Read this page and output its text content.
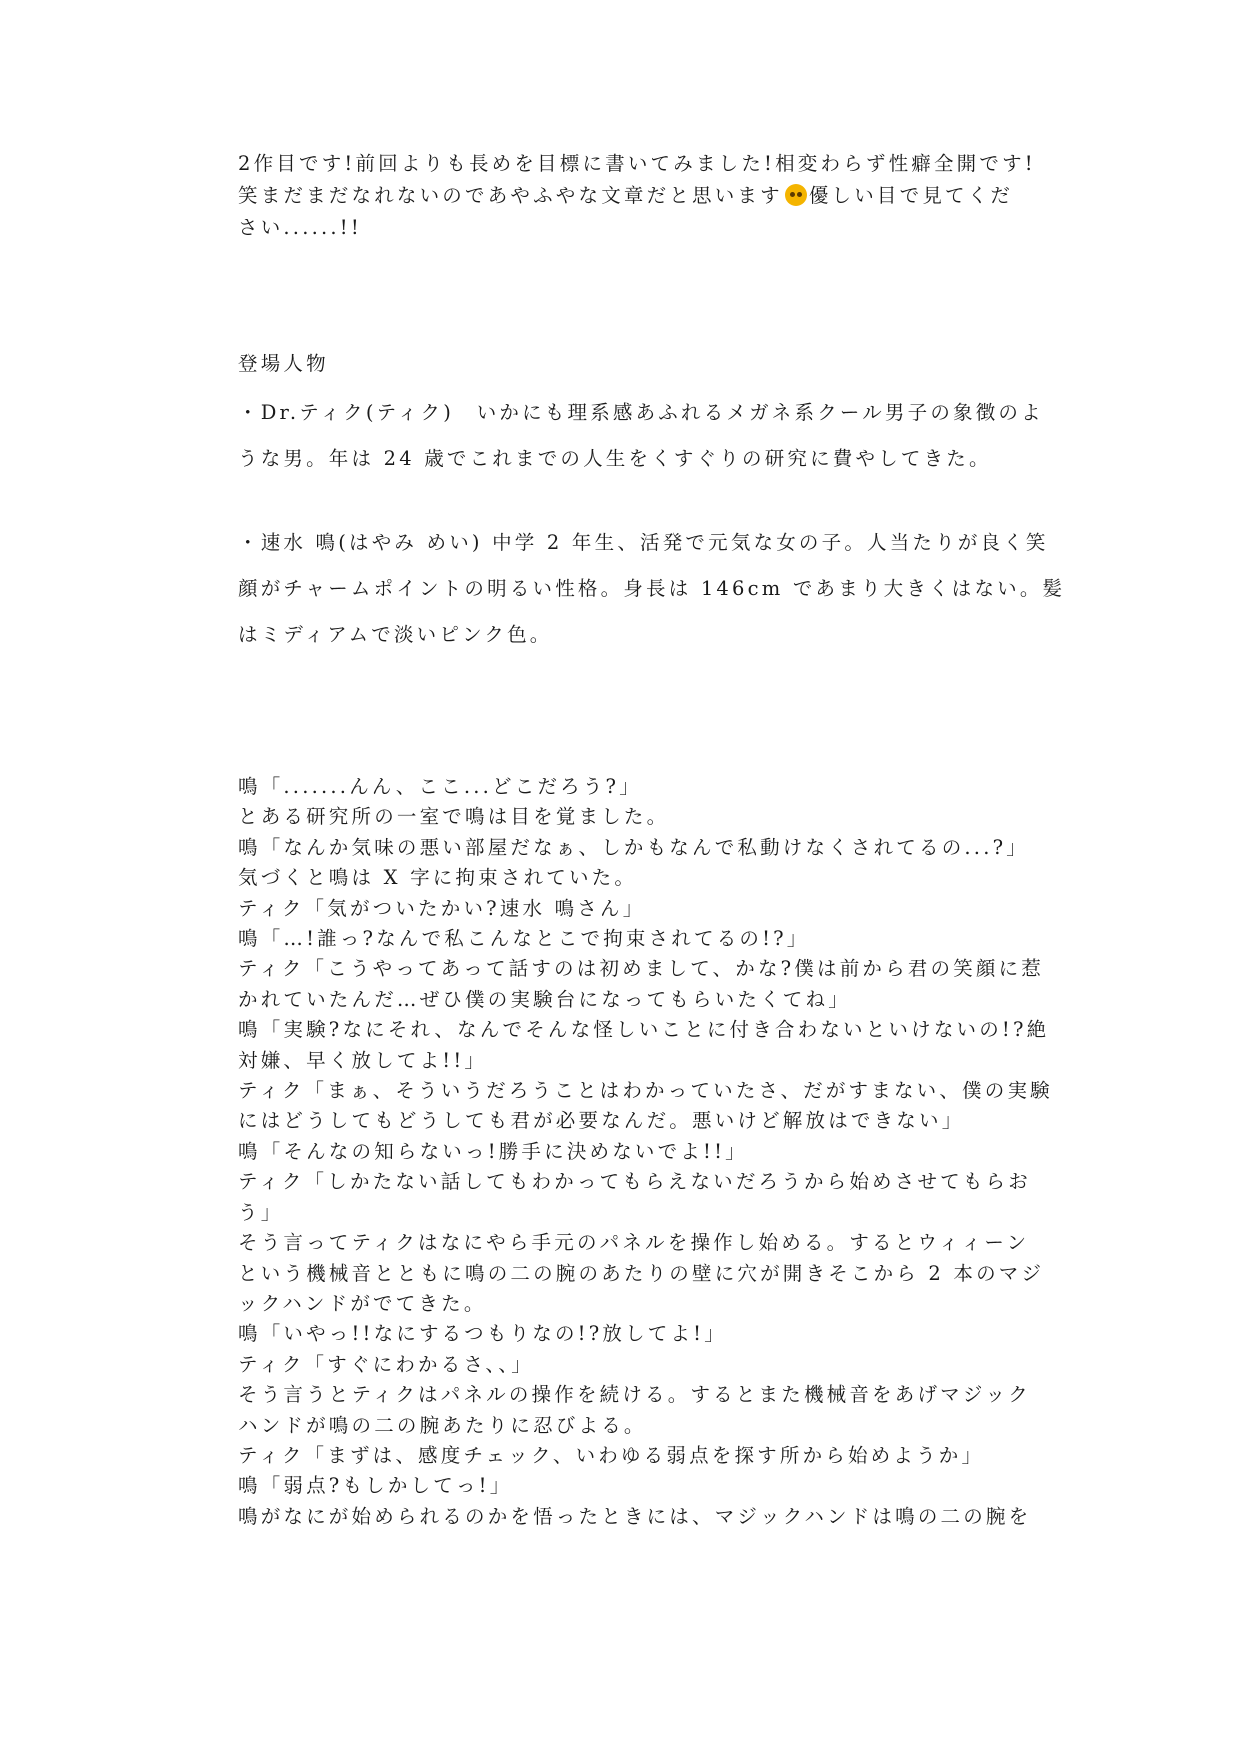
2作目です!前回よりも長めを目標に書いてみました!相変わらず性癖全開です!
笑まだまだなれないのであやふやな文章だと思います 優しい目で見てくだ
さい......!!

登場人物
・Dr.ティク(ティク)　いかにも理系感あふれるメガネ系クール男子の象徴のよ
うな男。年は 24 歳でこれまでの人生をくすぐりの研究に費やしてきた。
・速水 鳴(はやみ めい) 中学 2 年生、活発で元気な女の子。人当たりが良く笑
顔がチャームポイントの明るい性格。身長は 146cm であまり大きくはない。髪
はミディアムで淡いピンク色。
鳴「.......んん、ここ...どこだろう?」
とある研究所の一室で鳴は目を覚ました。
鳴「なんか気味の悪い部屋だなぁ、しかもなんで私動けなくされてるの...?」
気づくと鳴は X 字に拘束されていた。
ティク「気がついたかい?速水 鳴さん」
鳴「…!誰っ?なんで私こんなとこで拘束されてるの!?」
ティク「こうやってあって話すのは初めまして、かな?僕は前から君の笑顔に惹
かれていたんだ…ぜひ僕の実験台になってもらいたくてね」
鳴「実験?なにそれ、なんでそんな怪しいことに付き合わないといけないの!?絶
対嫌、早く放してよ!!」
ティク「まぁ、そういうだろうことはわかっていたさ、だがすまない、僕の実験
にはどうしてもどうしても君が必要なんだ。悪いけど解放はできない」
鳴「そんなの知らないっ!勝手に決めないでよ!!」
ティク「しかたない話してもわかってもらえないだろうから始めさせてもらお
う」
そう言ってティクはなにやら手元のパネルを操作し始める。するとウィィーン
という機械音とともに鳴の二の腕のあたりの壁に穴が開きそこから 2 本のマジ
ックハンドがでてきた。
鳴「いやっ!!なにするつもりなの!?放してよ!」
ティク「すぐにわかるさ、、」
そう言うとティクはパネルの操作を続ける。するとまた機械音をあげマジック
ハンドが鳴の二の腕あたりに忍びよる。
ティク「まずは、感度チェック、いわゆる弱点を探す所から始めようか」
鳴「弱点?もしかしてっ!」
鳴がなにが始められるのかを悟ったときには、マジックハンドは鳴の二の腕を
